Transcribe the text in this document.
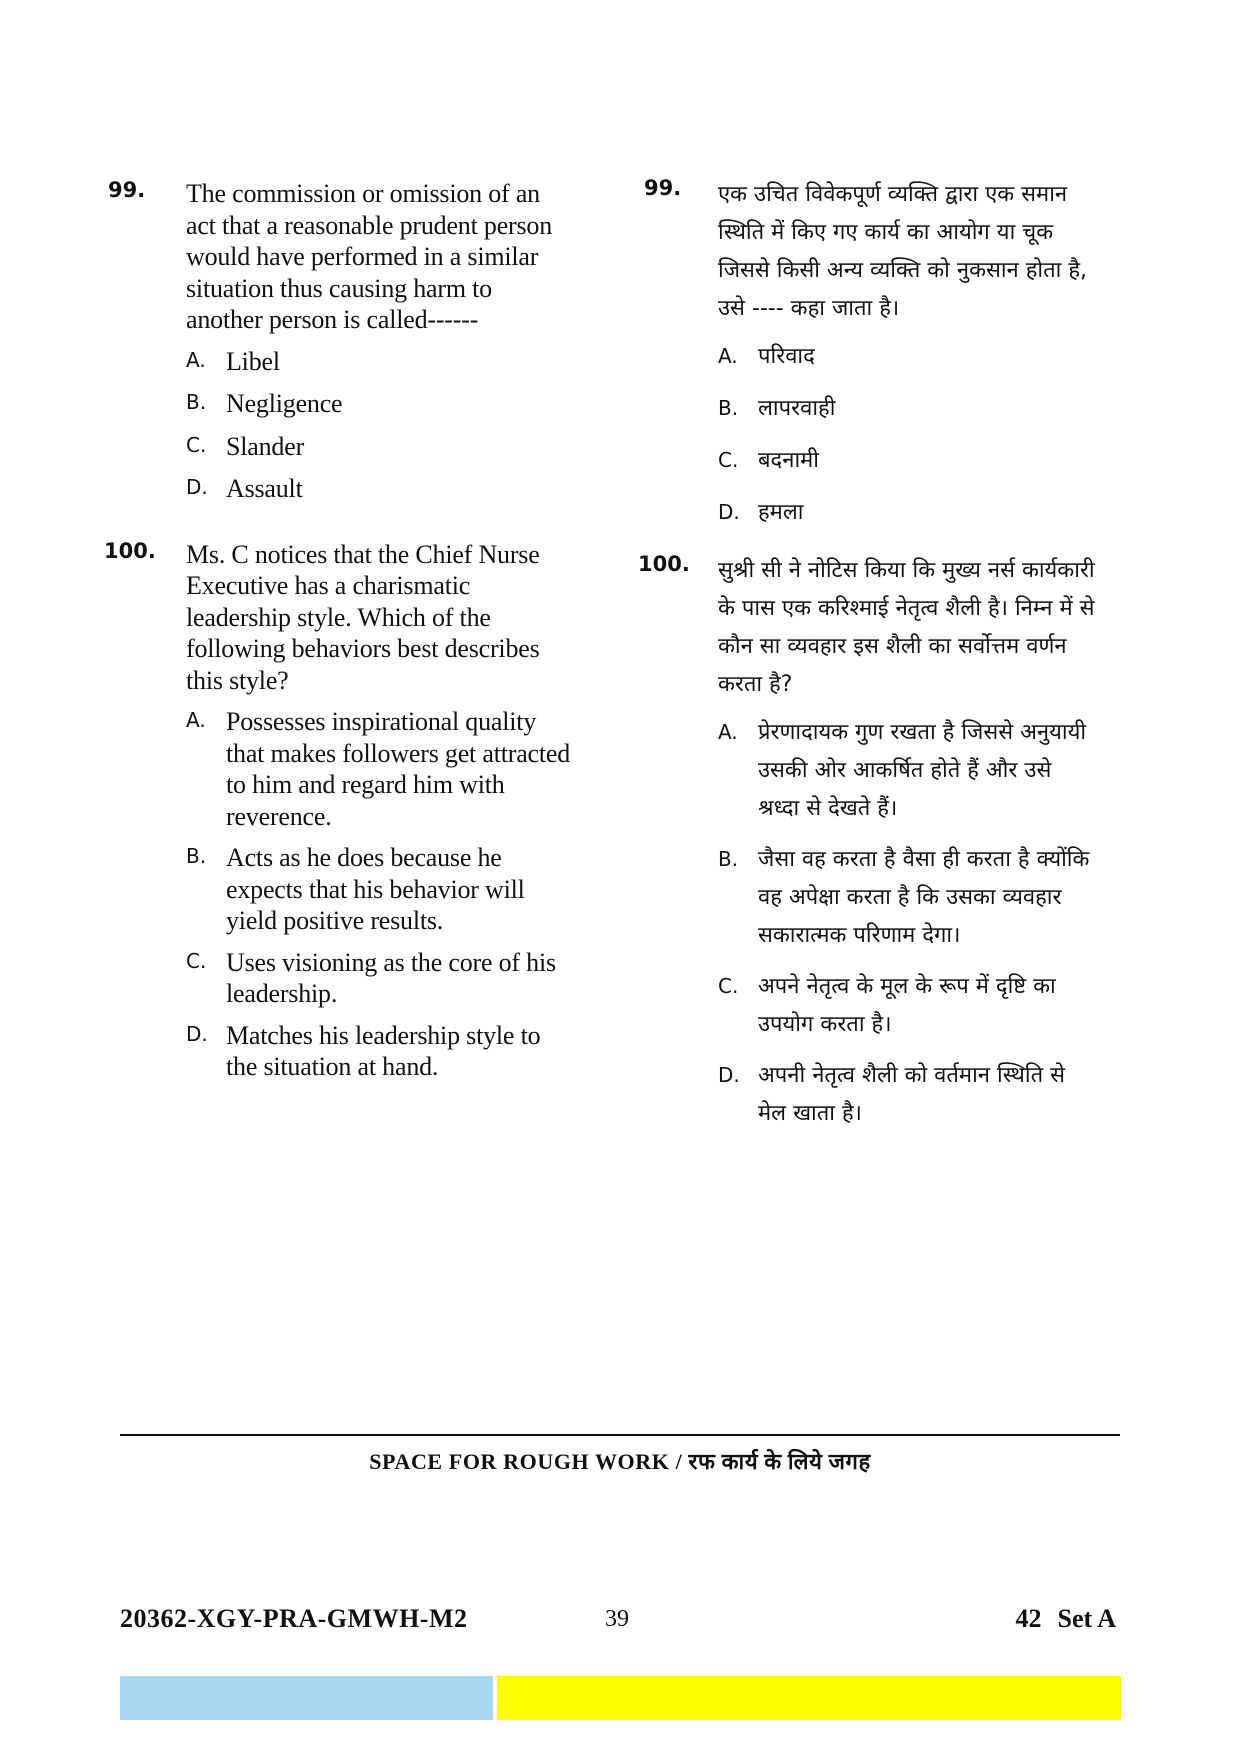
99.	The commission or omission of an
act that a reasonable prudent person
would have performed in a similar
situation thus causing harm to
another person is called------
A. Libel
B. Negligence
C. Slander
D. Assault
100. Ms. C notices that the Chief Nurse
Executive has a charismatic
leadership style. Which of the
following behaviors best describes
this style?
A. Possesses inspirational quality
that makes followers get attracted
to him and regard him with
reverence.
B. Acts as he does because he
expects that his behavior will
yield positive results.
C. Uses visioning as the core of his
leadership.
D. Matches his leadership style to
the situation at hand.
99.	एक उचित विवेकपूर्ण व्यक्ति द्वारा एक समान
स्थिति में किए गए कार्य का आयोग या चूक
जिससे किसी अन्य व्यक्ति को नुकसान होता है,
उसे ---- कहा जाता है।
A. परिवाद
B. लापरवाही
C. बदनामी
D. हमला
100. सुश्री सी ने नोटिस किया कि मुख्य नर्स कार्यकारी
के पास एक करिश्माई नेतृत्व शैली है। निम्न में से
कौन सा व्यवहार इस शैली का सर्वोत्तम वर्णन
करता है?
A. प्रेरणादायक गुण रखता है जिससे अनुयायी
उसकी ओर आकर्षित होते हैं और उसे
श्रध्दा से देखते हैं।
B. जैसा वह करता है वैसा ही करता है क्योंकि
वह अपेक्षा करता है कि उसका व्यवहार
सकारात्मक परिणाम देगा।
C. अपने नेतृत्व के मूल के रूप में दृष्टि का
उपयोग करता है।
D. अपनी नेतृत्व शैली को वर्तमान स्थिति से
मेल खाता है।
SPACE FOR ROUGH WORK / रफ कार्य के लिये जगह
20362-XGY-PRA-GMWH-M2	39	42 Set A
